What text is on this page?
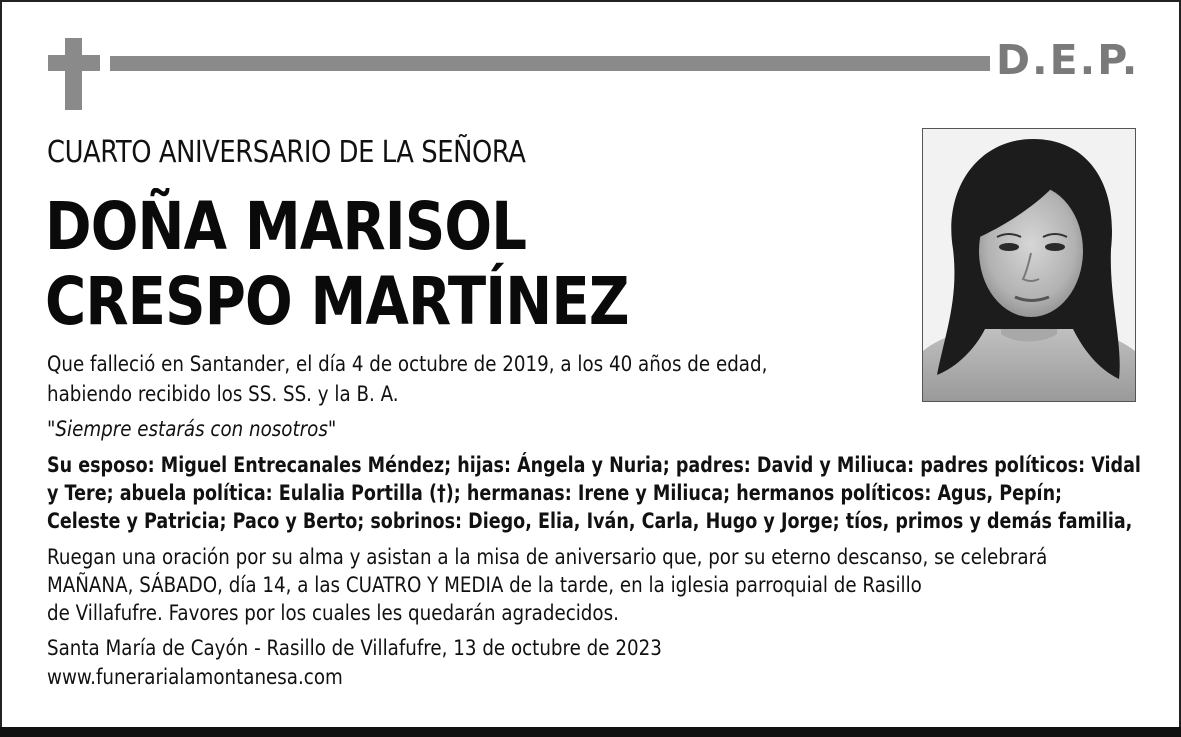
D.E.P.
CUARTO ANIVERSARIO DE LA SEÑORA
DOÑA MARISOL
CRESPO MARTÍNEZ
Que falleció en Santander, el día 4 de octubre de 2019, a los 40 años de edad,
habiendo recibido los SS. SS. y la B. A.
"Siempre estarás con nosotros"
Su esposo: Miguel Entrecanales Méndez; hijas: Ángela y Nuria; padres: David y Miliuca: padres políticos: Vidal
y Tere; abuela política: Eulalia Portilla (†); hermanas: Irene y Miliuca; hermanos políticos: Agus, Pepín;
Celeste y Patricia; Paco y Berto; sobrinos: Diego, Elia, Iván, Carla, Hugo y Jorge; tíos, primos y demás familia,
Ruegan una oración por su alma y asistan a la misa de aniversario que, por su eterno descanso, se celebrará
MAÑANA, SÁBADO, día 14, a las CUATRO Y MEDIA de la tarde, en la iglesia parroquial de Rasillo
de Villafufre. Favores por los cuales les quedarán agradecidos.
Santa María de Cayón - Rasillo de Villafufre, 13 de octubre de 2023
www.funerarialamontanesa.com
